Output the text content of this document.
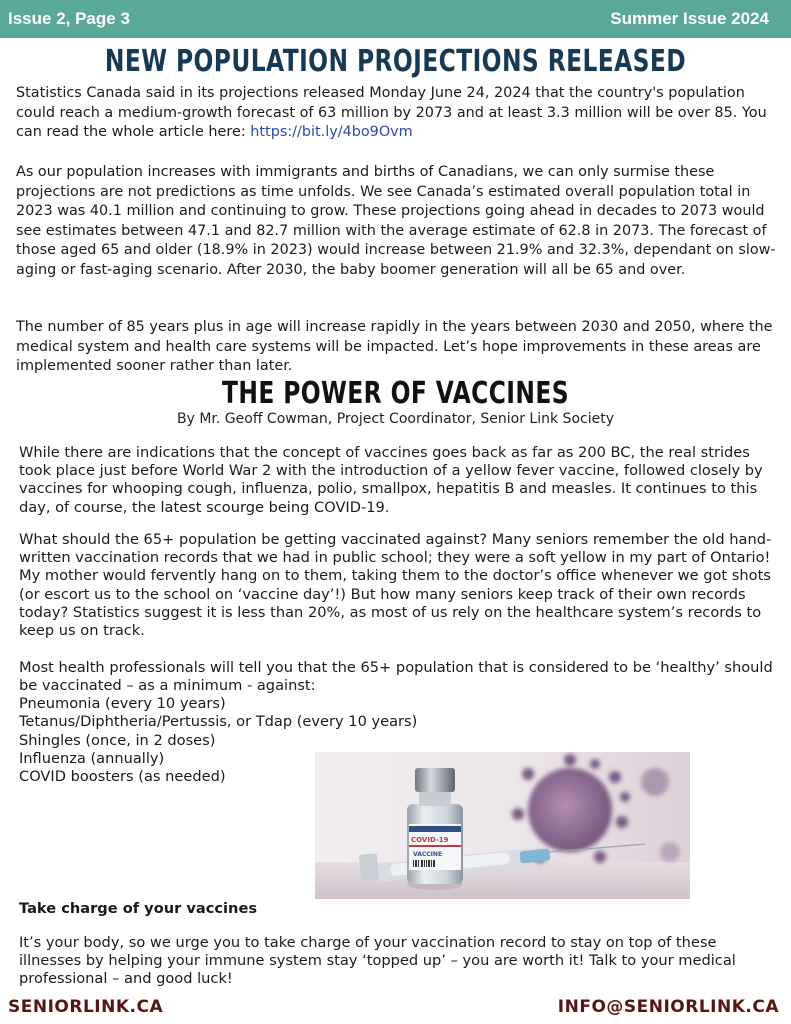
Issue 2, Page 3	Summer Issue 2024
NEW POPULATION PROJECTIONS RELEASED

Statistics Canada said in its projections released Monday June 24, 2024 that the country's population could reach a medium-growth forecast of 63 million by 2073 and at least 3.3 million will be over 85. You can read the whole article here: https://bit.ly/4bo9Ovm

As our population increases with immigrants and births of Canadians, we can only surmise these projections are not predictions as time unfolds. We see Canada’s estimated overall population total in 2023 was 40.1 million and continuing to grow. These projections going ahead in decades to 2073 would see estimates between 47.1 and 82.7 million with the average estimate of 62.8 in 2073. The forecast of those aged 65 and older (18.9% in 2023) would increase between 21.9% and 32.3%, dependant on slow-aging or fast-aging scenario. After 2030, the baby boomer generation will all be 65 and over.

The number of 85 years plus in age will increase rapidly in the years between 2030 and 2050, where the medical system and health care systems will be impacted. Let’s hope improvements in these areas are implemented sooner rather than later.

THE POWER OF VACCINES
By Mr. Geoff Cowman, Project Coordinator, Senior Link Society

While there are indications that the concept of vaccines goes back as far as 200 BC, the real strides took place just before World War 2 with the introduction of a yellow fever vaccine, followed closely by vaccines for whooping cough, influenza, polio, smallpox, hepatitis B and measles. It continues to this day, of course, the latest scourge being COVID-19.

What should the 65+ population be getting vaccinated against? Many seniors remember the old hand-written vaccination records that we had in public school; they were a soft yellow in my part of Ontario! My mother would fervently hang on to them, taking them to the doctor’s office whenever we got shots (or escort us to the school on ‘vaccine day’!) But how many seniors keep track of their own records today? Statistics suggest it is less than 20%, as most of us rely on the healthcare system’s records to keep us on track.

Most health professionals will tell you that the 65+ population that is considered to be ‘healthy’ should be vaccinated – as a minimum - against:

Pneumonia (every 10 years)
Tetanus/Diphtheria/Pertussis, or Tdap (every 10 years)
Shingles (once, in 2 doses)
Influenza (annually)
COVID boosters (as needed)
COVID-19
VACCINE
Take charge of your vaccines

It’s your body, so we urge you to take charge of your vaccination record to stay on top of these illnesses by helping your immune system stay ‘topped up’ – you are worth it! Talk to your medical professional – and good luck!

SENIORLINK.CA	INFO@SENIORLINK.CA
